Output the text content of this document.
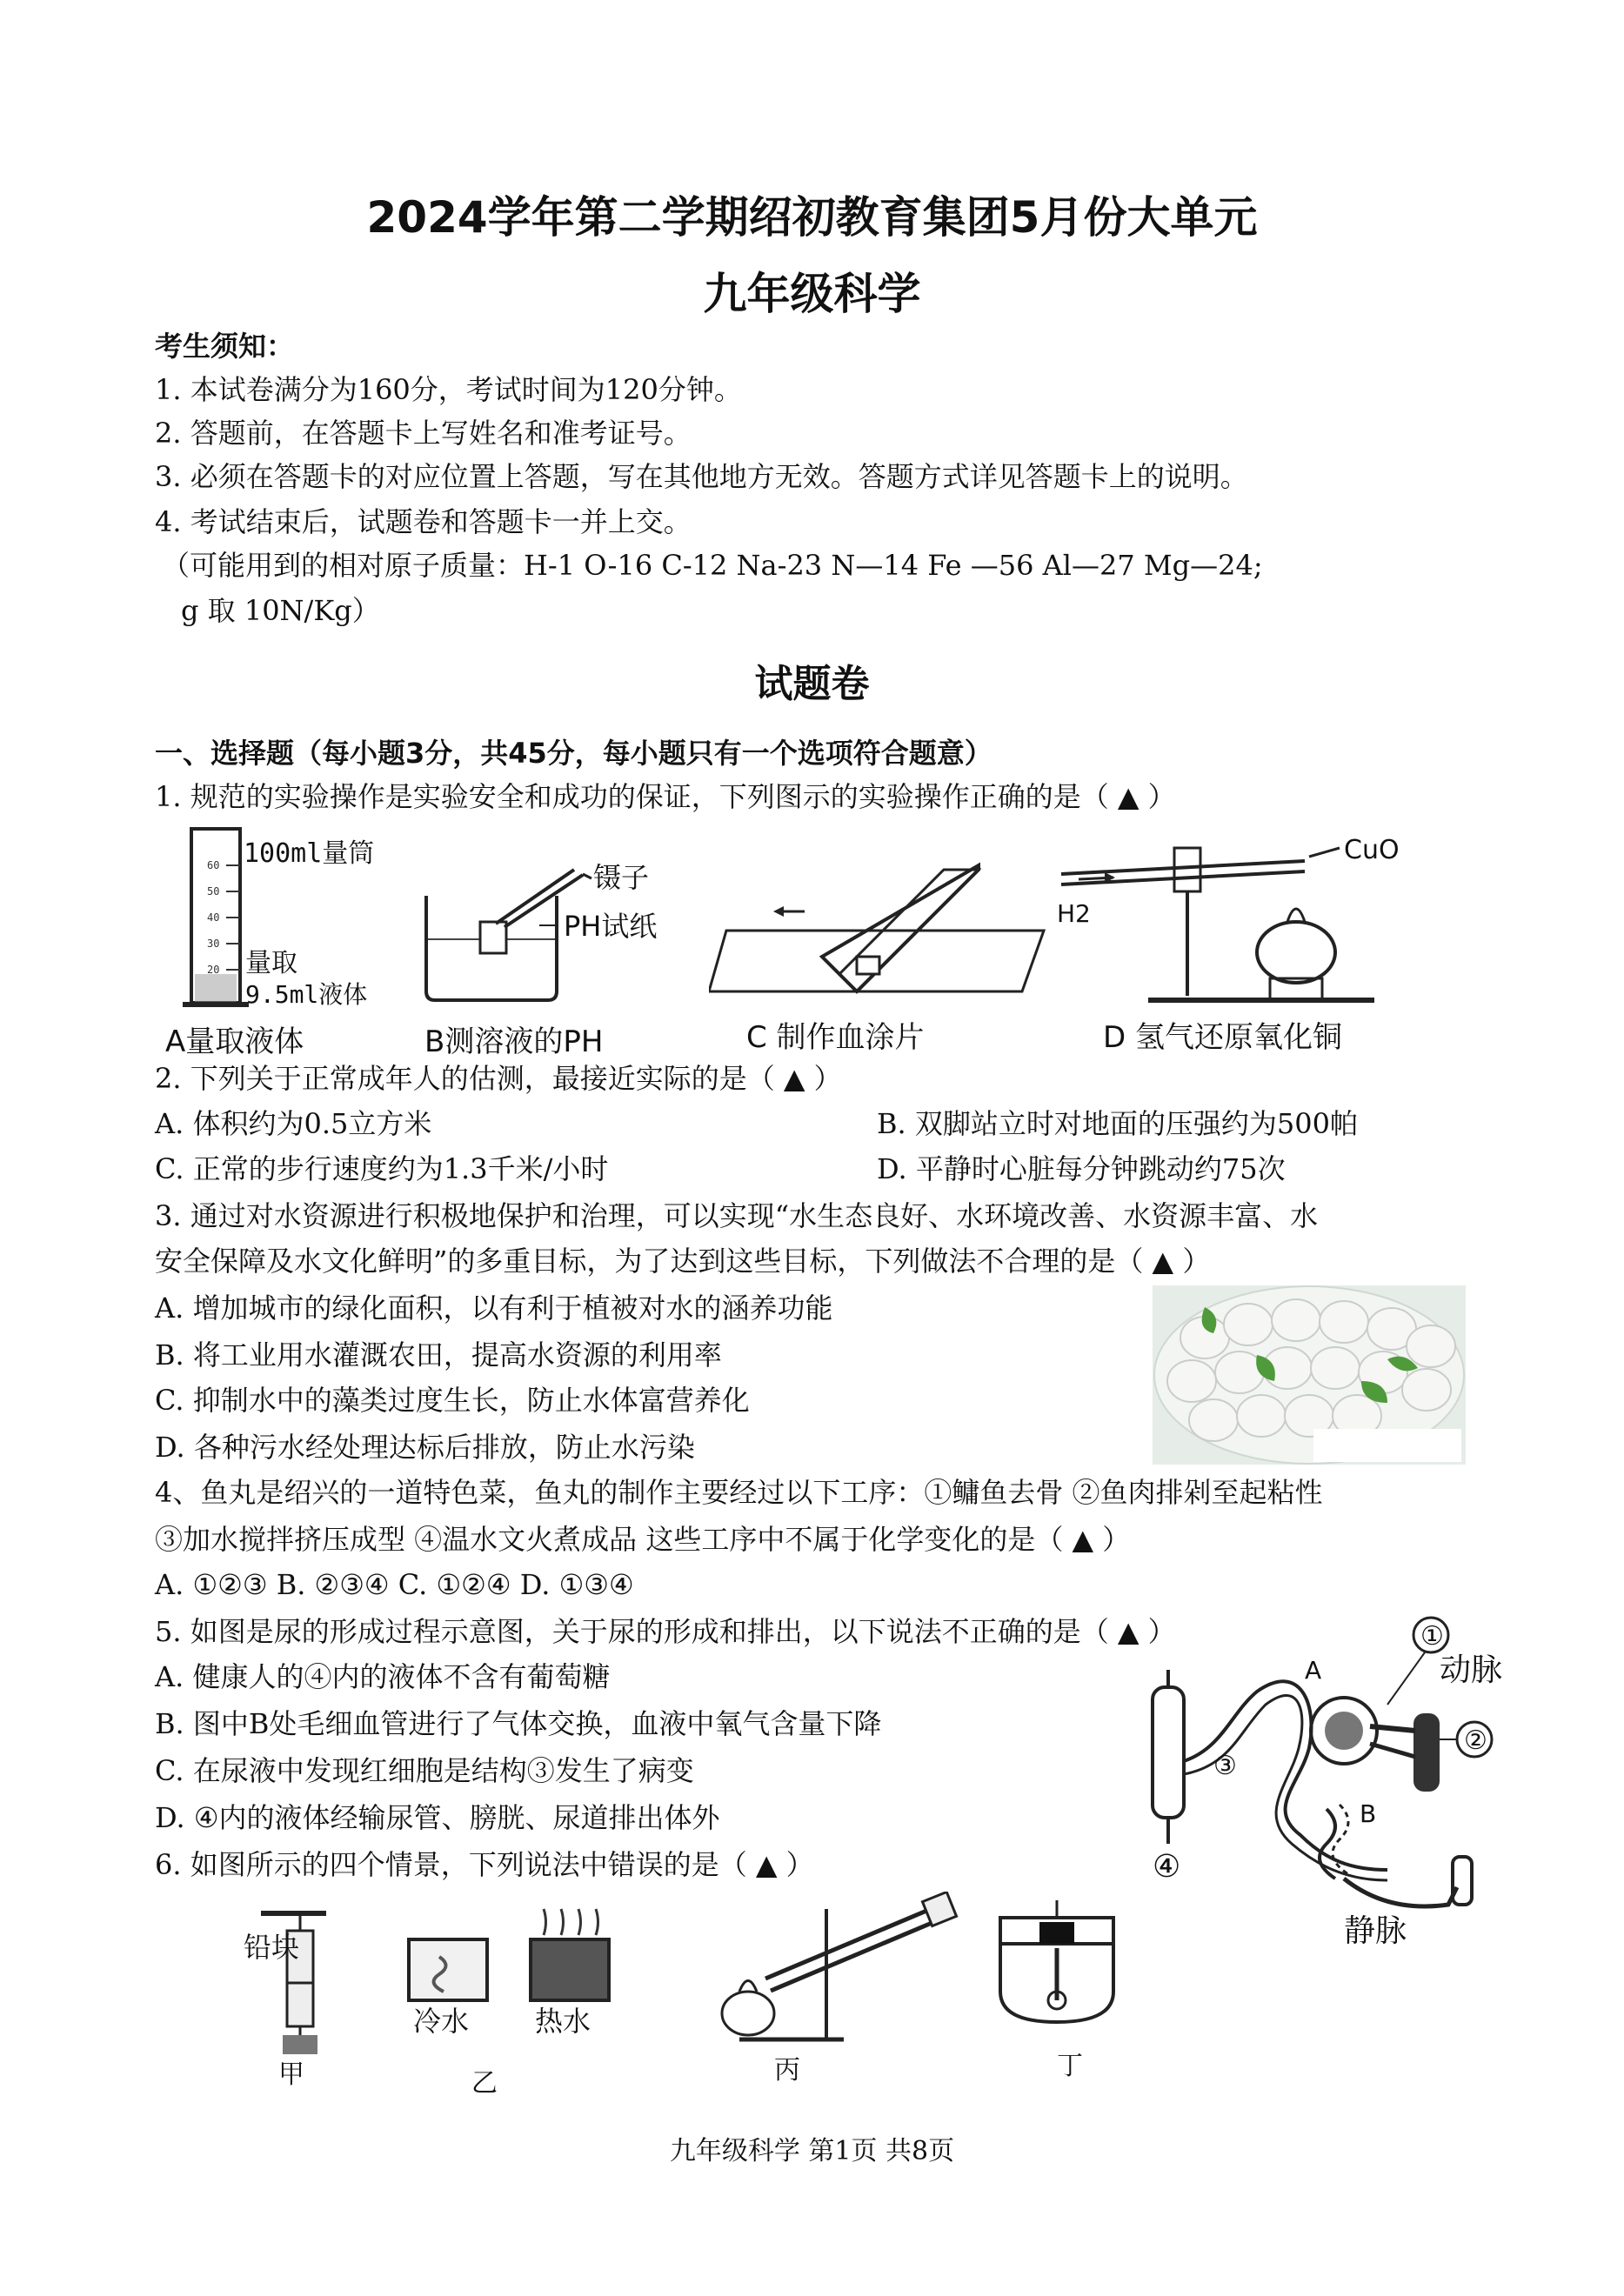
2024学年第二学期绍初教育集团5月份大单元
九年级科学
考生须知：
1. 本试卷满分为160分，考试时间为120分钟。
2. 答题前，在答题卡上写姓名和准考证号。
3. 必须在答题卡的对应位置上答题，写在其他地方无效。答题方式详见答题卡上的说明。
4. 考试结束后，试题卷和答题卡一并上交。
（可能用到的相对原子质量：H-1 O-16 C-12 Na-23 N—14 Fe —56 Al—27 Mg—24;
g 取 10N/Kg）
试题卷
一、选择题（每小题3分，共45分，每小题只有一个选项符合题意）
1. 规范的实验操作是实验安全和成功的保证，下列图示的实验操作正确的是（ ▲ ）
60
50
40
30
20
100ml量筒
量取
9.5ml液体
镊子
PH试纸
CuO
H2
A量取液体	B测溶液的PH	C 制作血涂片	D 氢气还原氧化铜
2. 下列关于正常成年人的估测，最接近实际的是（ ▲ ）
A. 体积约为0.5立方米	B. 双脚站立时对地面的压强约为500帕
C. 正常的步行速度约为1.3千米/小时	D. 平静时心脏每分钟跳动约75次
3. 通过对水资源进行积极地保护和治理，可以实现“水生态良好、水环境改善、水资源丰富、水
安全保障及水文化鲜明”的多重目标，为了达到这些目标，下列做法不合理的是（ ▲ ）
A. 增加城市的绿化面积，以有利于植被对水的涵养功能
B. 将工业用水灌溉农田，提高水资源的利用率
C. 抑制水中的藻类过度生长，防止水体富营养化
D. 各种污水经处理达标后排放，防止水污染
4、鱼丸是绍兴的一道特色菜，鱼丸的制作主要经过以下工序：①鳙鱼去骨 ②鱼肉排剁至起粘性
③加水搅拌挤压成型 ④温水文火煮成品 这些工序中不属于化学变化的是（ ▲ ）
A. ①②③ B. ②③④ C. ①②④ D. ①③④
5. 如图是尿的形成过程示意图，关于尿的形成和排出，以下说法不正确的是（ ▲ ）
A. 健康人的④内的液体不含有葡萄糖
B. 图中B处毛细血管进行了气体交换，血液中氧气含量下降
C. 在尿液中发现红细胞是结构③发生了病变
D. ④内的液体经输尿管、膀胱、尿道排出体外
④
③
A
①
动脉
②
B
静脉
6. 如图所示的四个情景，下列说法中错误的是（ ▲ ）
铅块
冷水 热水
甲	乙	丙	丁
九年级科学 第1页 共8页
